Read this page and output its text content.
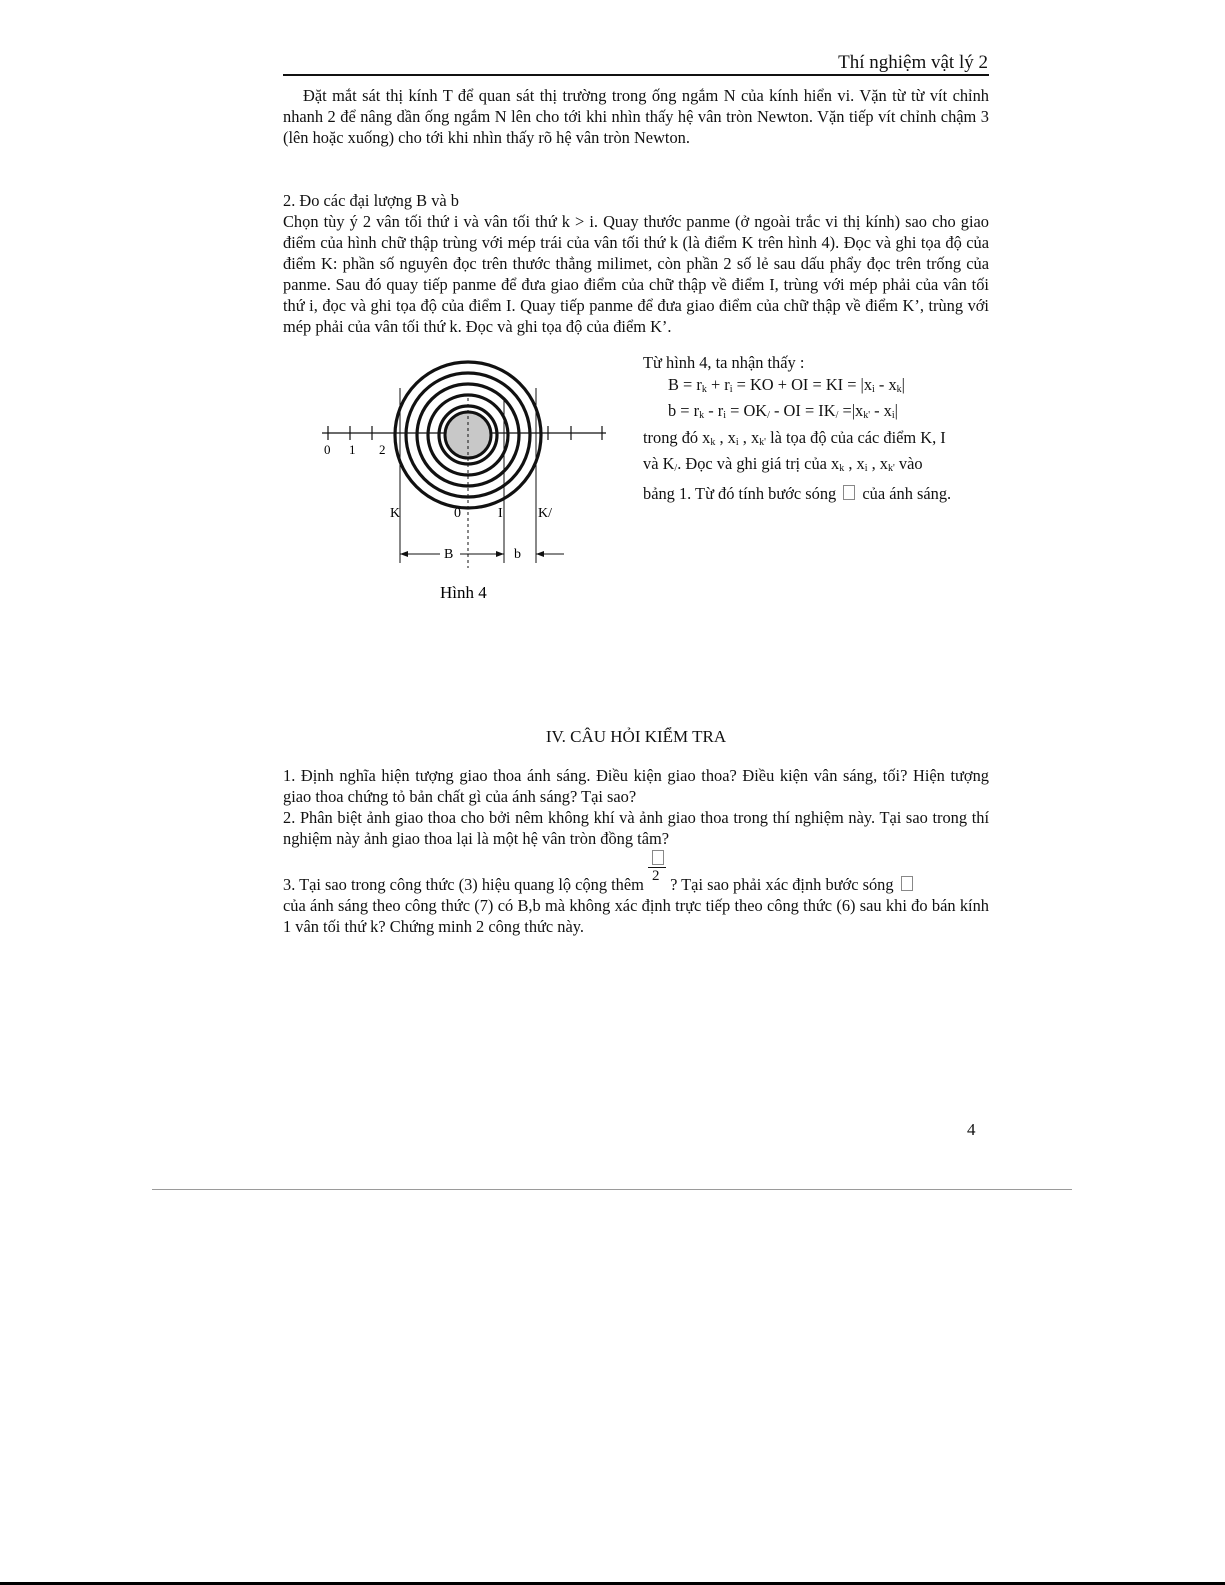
Thí nghiệm vật lý 2
Đặt mắt sát thị kính T để quan sát thị trường trong ống ngắm N của kính hiển vi. Vặn từ từ vít chỉnh nhanh 2 để nâng dần ống ngắm N lên cho tới khi nhìn thấy hệ vân tròn Newton. Vặn tiếp vít chỉnh chậm 3 (lên hoặc xuống) cho tới khi nhìn thấy rõ hệ vân tròn Newton.
2. Đo các đại lượng B và b
Chọn tùy ý 2 vân tối thứ i và vân tối thứ k > i. Quay thước panme (ở ngoài trắc vi thị kính) sao cho giao điểm của hình chữ thập trùng với mép trái của vân tối thứ k (là điểm K trên hình 4). Đọc và ghi tọa độ của điểm K: phần số nguyên đọc trên thước thẳng milimet, còn phần 2 số lẻ sau dấu phẩy đọc trên trống của panme. Sau đó quay tiếp panme để đưa giao điểm của chữ thập về điểm I, trùng với mép phải của vân tối thứ i, đọc và ghi tọa độ của điểm I. Quay tiếp panme để đưa giao điểm của chữ thập về điểm K’, trùng với mép phải của vân tối thứ k. Đọc và ghi tọa độ của điểm K’.
0 1 2
K	0	I	K/
B	b
Hình 4
Từ hình 4, ta nhận thấy :
$B = r_k + r_i$ = KO + OI = KI = $|x_i - x_k|$
$b = r_k - r_i = OK_/$ - OI = $IK_/ =|x_{k'} - x_i|$
trong đó $x_k$ , $x_i$ , $x_{k'}$ là tọa độ của các điểm K, I
và $K_/$. Đọc và ghi giá trị của $x_k$ , $x_i$ , $x_{k'}$ vào
bảng 1. Từ đó tính bước sóng  của ánh sáng.
IV. CÂU HỎI KIỂM TRA
1. Định nghĩa hiện tượng giao thoa ánh sáng. Điều kiện giao thoa? Điều kiện vân sáng, tối? Hiện tượng giao thoa chứng tỏ bản chất gì của ánh sáng? Tại sao?
2. Phân biệt ảnh giao thoa cho bởi nêm không khí và ảnh giao thoa trong thí nghiệm này. Tại sao trong thí nghiệm này ảnh giao thoa lại là một hệ vân tròn đồng tâm?
3. Tại sao trong công thức (3) hiệu quang lộ cộng thêm 2 ? Tại sao phải xác định bước sóng
của ánh sáng theo công thức (7) có B,b mà không xác định trực tiếp theo công thức (6) sau khi đo bán kính 1 vân tối thứ k? Chứng minh 2 công thức này.
4
